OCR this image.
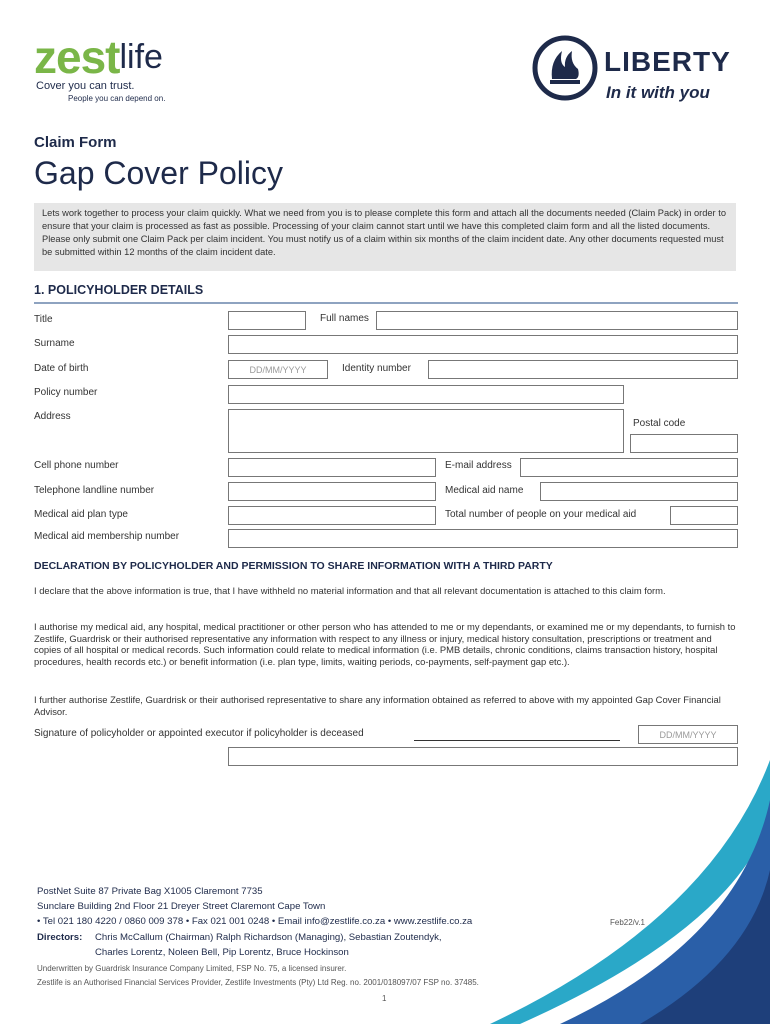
zest$^{life}$
Cover you can trust.
People you can depend on.
LIBERTY
In it with you
Claim Form
Gap Cover Policy
Lets work together to process your claim quickly. What we need from you is to please complete this form and attach all the documents needed (Claim Pack) in order to ensure that your claim is processed as fast as possible. Processing of your claim cannot start until we have this completed claim form and all the listed documents. Please only submit one Claim Pack per claim incident. You must notify us of a claim within six months of the claim incident date. Any other documents requested must be submitted within 12 months of the claim incident date.
1. POLICYHOLDER DETAILS
Title	Full names
Surname
Date of birth	DD/MM/YYYY	Identity number
Policy number
Address
Postal code
Cell phone number	E-mail address
Telephone landline number	Medical aid name
Medical aid plan type	Total number of people on your medical aid
Medical aid membership number
DECLARATION BY POLICYHOLDER AND PERMISSION TO SHARE INFORMATION WITH A THIRD PARTY
I declare that the above information is true, that I have withheld no material information and that all relevant documentation is attached to this claim form.
I authorise my medical aid, any hospital, medical practitioner or other person who has attended to me or my dependants, or examined me or my dependants, to furnish to Zestlife, Guardrisk or their authorised representative any information with respect to any illness or injury, medical history consultation, prescriptions or treatment and copies of all hospital or medical records. Such information could relate to medical information (i.e. PMB details, chronic conditions, claims transaction history, hospital procedures, health records etc.) or benefit information (i.e. plan type, limits, waiting periods, co-payments, self-payment gap etc.).
I further authorise Zestlife, Guardrisk or their authorised representative to share any information obtained as referred to above with my appointed Gap Cover Financial Advisor.
Signature of policyholder or appointed executor if policyholder is deceased	DD/MM/YYYY
PostNet Suite 87 Private Bag X1005 Claremont 7735
Sunclare Building 2nd Floor 21 Dreyer Street Claremont Cape Town
• Tel 021 180 4220 / 0860 009 378 • Fax 021 001 0248 • Email info@zestlife.co.za • www.zestlife.co.za
Directors: Chris McCallum (Chairman) Ralph Richardson (Managing), Sebastian Zoutendyk,
Charles Lorentz, Noleen Bell, Pip Lorentz, Bruce Hockinson
Feb22/v.1
Underwritten by Guardrisk Insurance Company Limited, FSP No. 75, a licensed insurer.
Zestlife is an Authorised Financial Services Provider, Zestlife Investments (Pty) Ltd Reg. no. 2001/018097/07 FSP no. 37485.
1
